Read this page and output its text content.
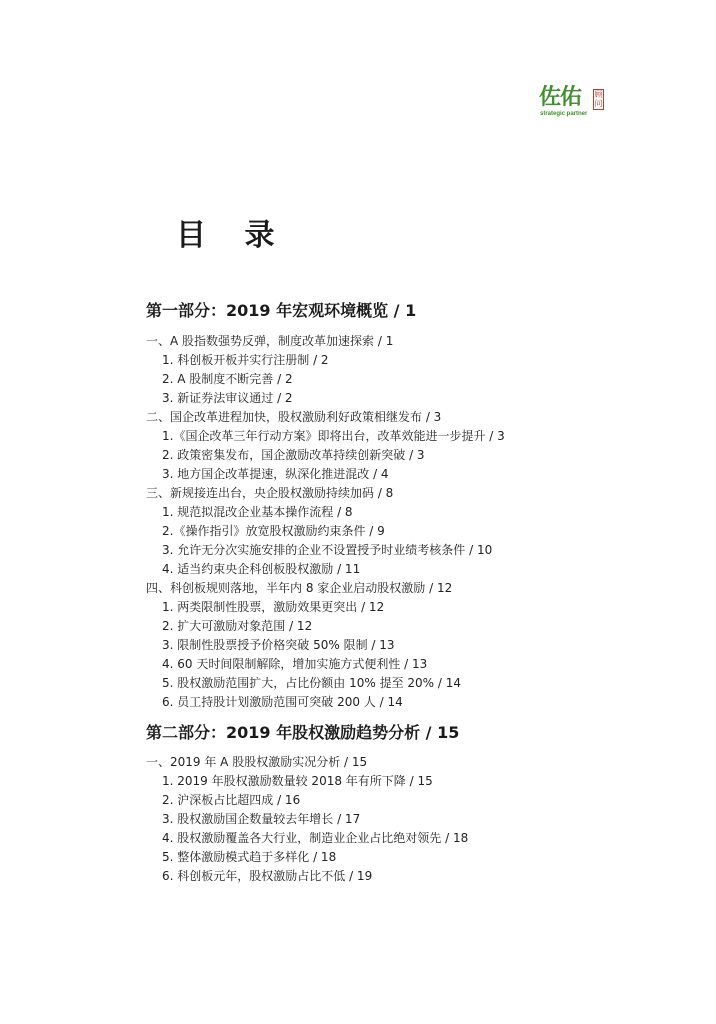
佐佑 顾问
strategic partner
目 录
第一部分：2019 年宏观环境概览 / 1
一、A 股指数强势反弹，制度改革加速探索 / 1
1. 科创板开板并实行注册制 / 2
2. A 股制度不断完善 / 2
3. 新证券法审议通过 / 2
二、国企改革进程加快，股权激励利好政策相继发布 / 3
1.《国企改革三年行动方案》即将出台，改革效能进一步提升 / 3
2. 政策密集发布，国企激励改革持续创新突破 / 3
3. 地方国企改革提速，纵深化推进混改 / 4
三、新规接连出台，央企股权激励持续加码 / 8
1. 规范拟混改企业基本操作流程 / 8
2.《操作指引》放宽股权激励约束条件 / 9
3. 允许无分次实施安排的企业不设置授予时业绩考核条件 / 10
4. 适当约束央企科创板股权激励 / 11
四、科创板规则落地，半年内 8 家企业启动股权激励 / 12
1. 两类限制性股票，激励效果更突出 / 12
2. 扩大可激励对象范围 / 12
3. 限制性股票授予价格突破 50% 限制 / 13
4. 60 天时间限制解除，增加实施方式便利性 / 13
5. 股权激励范围扩大，占比份额由 10% 提至 20% / 14
6. 员工持股计划激励范围可突破 200 人 / 14
第二部分：2019 年股权激励趋势分析 / 15
一、2019 年 A 股股权激励实况分析 / 15
1. 2019 年股权激励数量较 2018 年有所下降 / 15
2. 沪深板占比超四成 / 16
3. 股权激励国企数量较去年增长 / 17
4. 股权激励覆盖各大行业，制造业企业占比绝对领先 / 18
5. 整体激励模式趋于多样化 / 18
6. 科创板元年，股权激励占比不低 / 19
